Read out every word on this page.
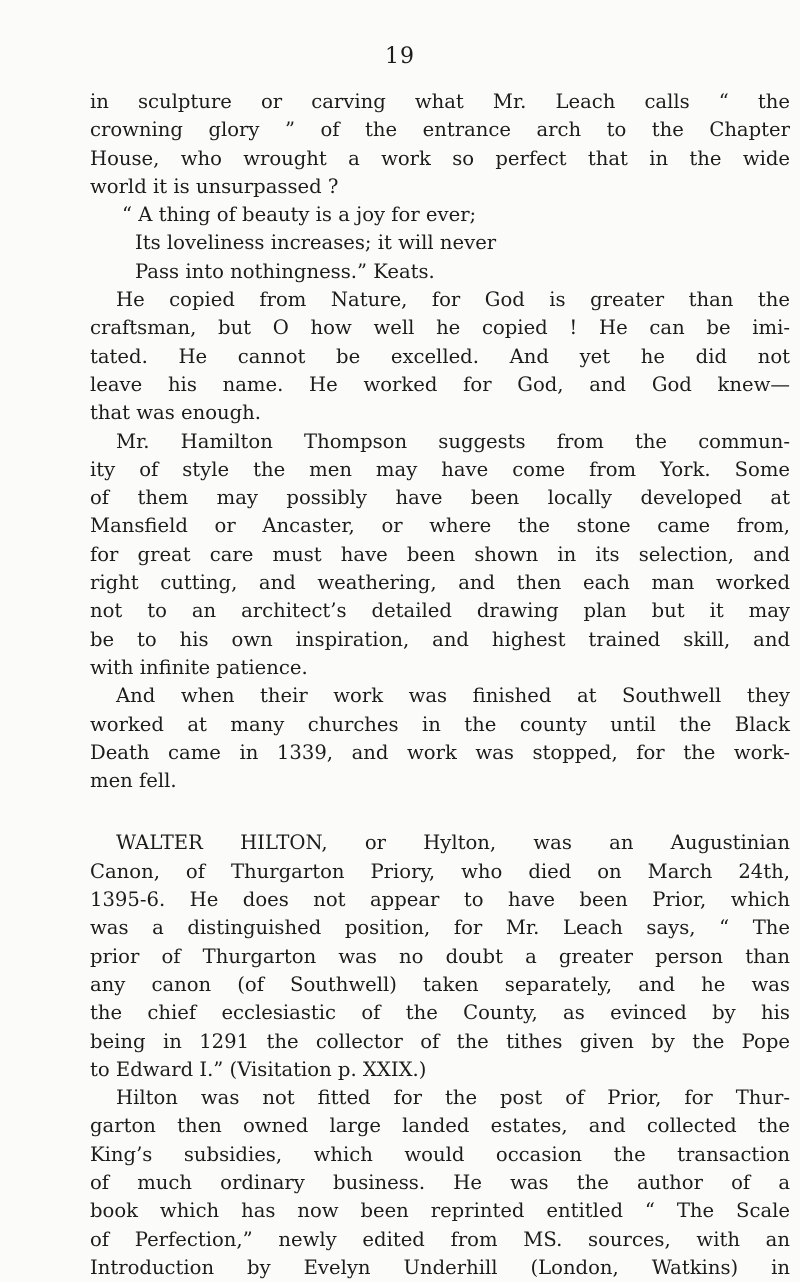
19
in sculpture or carving what Mr. Leach calls “ the
crowning glory ” of the entrance arch to the Chapter
House, who wrought a work so perfect that in the wide
world it is unsurpassed ?
“ A thing of beauty is a joy for ever;
Its loveliness increases; it will never
Pass into nothingness.” Keats.
He copied from Nature, for God is greater than the
craftsman, but O how well he copied ! He can be imi-
tated. He cannot be excelled. And yet he did not
leave his name. He worked for God, and God knew—
that was enough.
Mr. Hamilton Thompson suggests from the commun-
ity of style the men may have come from York. Some
of them may possibly have been locally developed at
Mansfield or Ancaster, or where the stone came from,
for great care must have been shown in its selection, and
right cutting, and weathering, and then each man worked
not to an architect’s detailed drawing plan but it may
be to his own inspiration, and highest trained skill, and
with infinite patience.
And when their work was finished at Southwell they
worked at many churches in the county until the Black
Death came in 1339, and work was stopped, for the work-
men fell.
WALTER HILTON, or Hylton, was an Augustinian
Canon, of Thurgarton Priory, who died on March 24th,
1395-6. He does not appear to have been Prior, which
was a distinguished position, for Mr. Leach says, “ The
prior of Thurgarton was no doubt a greater person than
any canon (of Southwell) taken separately, and he was
the chief ecclesiastic of the County, as evinced by his
being in 1291 the collector of the tithes given by the Pope
to Edward I.” (Visitation p. XXIX.)
Hilton was not fitted for the post of Prior, for Thur-
garton then owned large landed estates, and collected the
King’s subsidies, which would occasion the transaction
of much ordinary business. He was the author of a
book which has now been reprinted entitled “ The Scale
of Perfection,” newly edited from MS. sources, with an
Introduction by Evelyn Underhill (London, Watkins) in
